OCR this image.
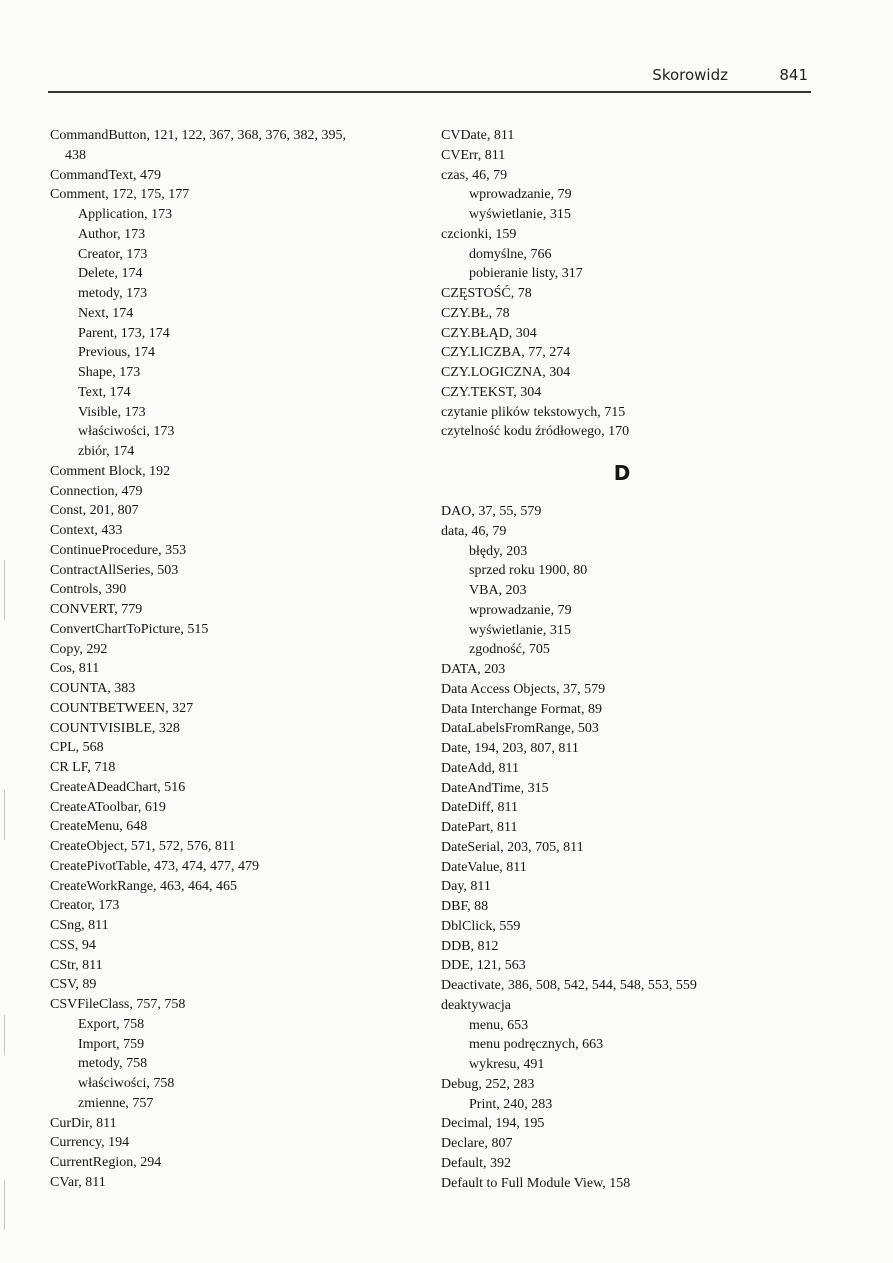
Skorowidz	841
CommandButton, 121, 122, 367, 368, 376, 382, 395,
438
CommandText, 479
Comment, 172, 175, 177
Application, 173
Author, 173
Creator, 173
Delete, 174
metody, 173
Next, 174
Parent, 173, 174
Previous, 174
Shape, 173
Text, 174
Visible, 173
właściwości, 173
zbiór, 174
Comment Block, 192
Connection, 479
Const, 201, 807
Context, 433
ContinueProcedure, 353
ContractAllSeries, 503
Controls, 390
CONVERT, 779
ConvertChartToPicture, 515
Copy, 292
Cos, 811
COUNTA, 383
COUNTBETWEEN, 327
COUNTVISIBLE, 328
CPL, 568
CR LF, 718
CreateADeadChart, 516
CreateAToolbar, 619
CreateMenu, 648
CreateObject, 571, 572, 576, 811
CreatePivotTable, 473, 474, 477, 479
CreateWorkRange, 463, 464, 465
Creator, 173
CSng, 811
CSS, 94
CStr, 811
CSV, 89
CSVFileClass, 757, 758
Export, 758
Import, 759
metody, 758
właściwości, 758
zmienne, 757
CurDir, 811
Currency, 194
CurrentRegion, 294
CVar, 811
CVDate, 811
CVErr, 811
czas, 46, 79
wprowadzanie, 79
wyświetlanie, 315
czcionki, 159
domyślne, 766
pobieranie listy, 317
CZĘSTOŚĆ, 78
CZY.BŁ, 78
CZY.BŁĄD, 304
CZY.LICZBA, 77, 274
CZY.LOGICZNA, 304
CZY.TEKST, 304
czytanie plików tekstowych, 715
czytelność kodu źródłowego, 170
D
DAO, 37, 55, 579
data, 46, 79
błędy, 203
sprzed roku 1900, 80
VBA, 203
wprowadzanie, 79
wyświetlanie, 315
zgodność, 705
DATA, 203
Data Access Objects, 37, 579
Data Interchange Format, 89
DataLabelsFromRange, 503
Date, 194, 203, 807, 811
DateAdd, 811
DateAndTime, 315
DateDiff, 811
DatePart, 811
DateSerial, 203, 705, 811
DateValue, 811
Day, 811
DBF, 88
DblClick, 559
DDB, 812
DDE, 121, 563
Deactivate, 386, 508, 542, 544, 548, 553, 559
deaktywacja
menu, 653
menu podręcznych, 663
wykresu, 491
Debug, 252, 283
Print, 240, 283
Decimal, 194, 195
Declare, 807
Default, 392
Default to Full Module View, 158
